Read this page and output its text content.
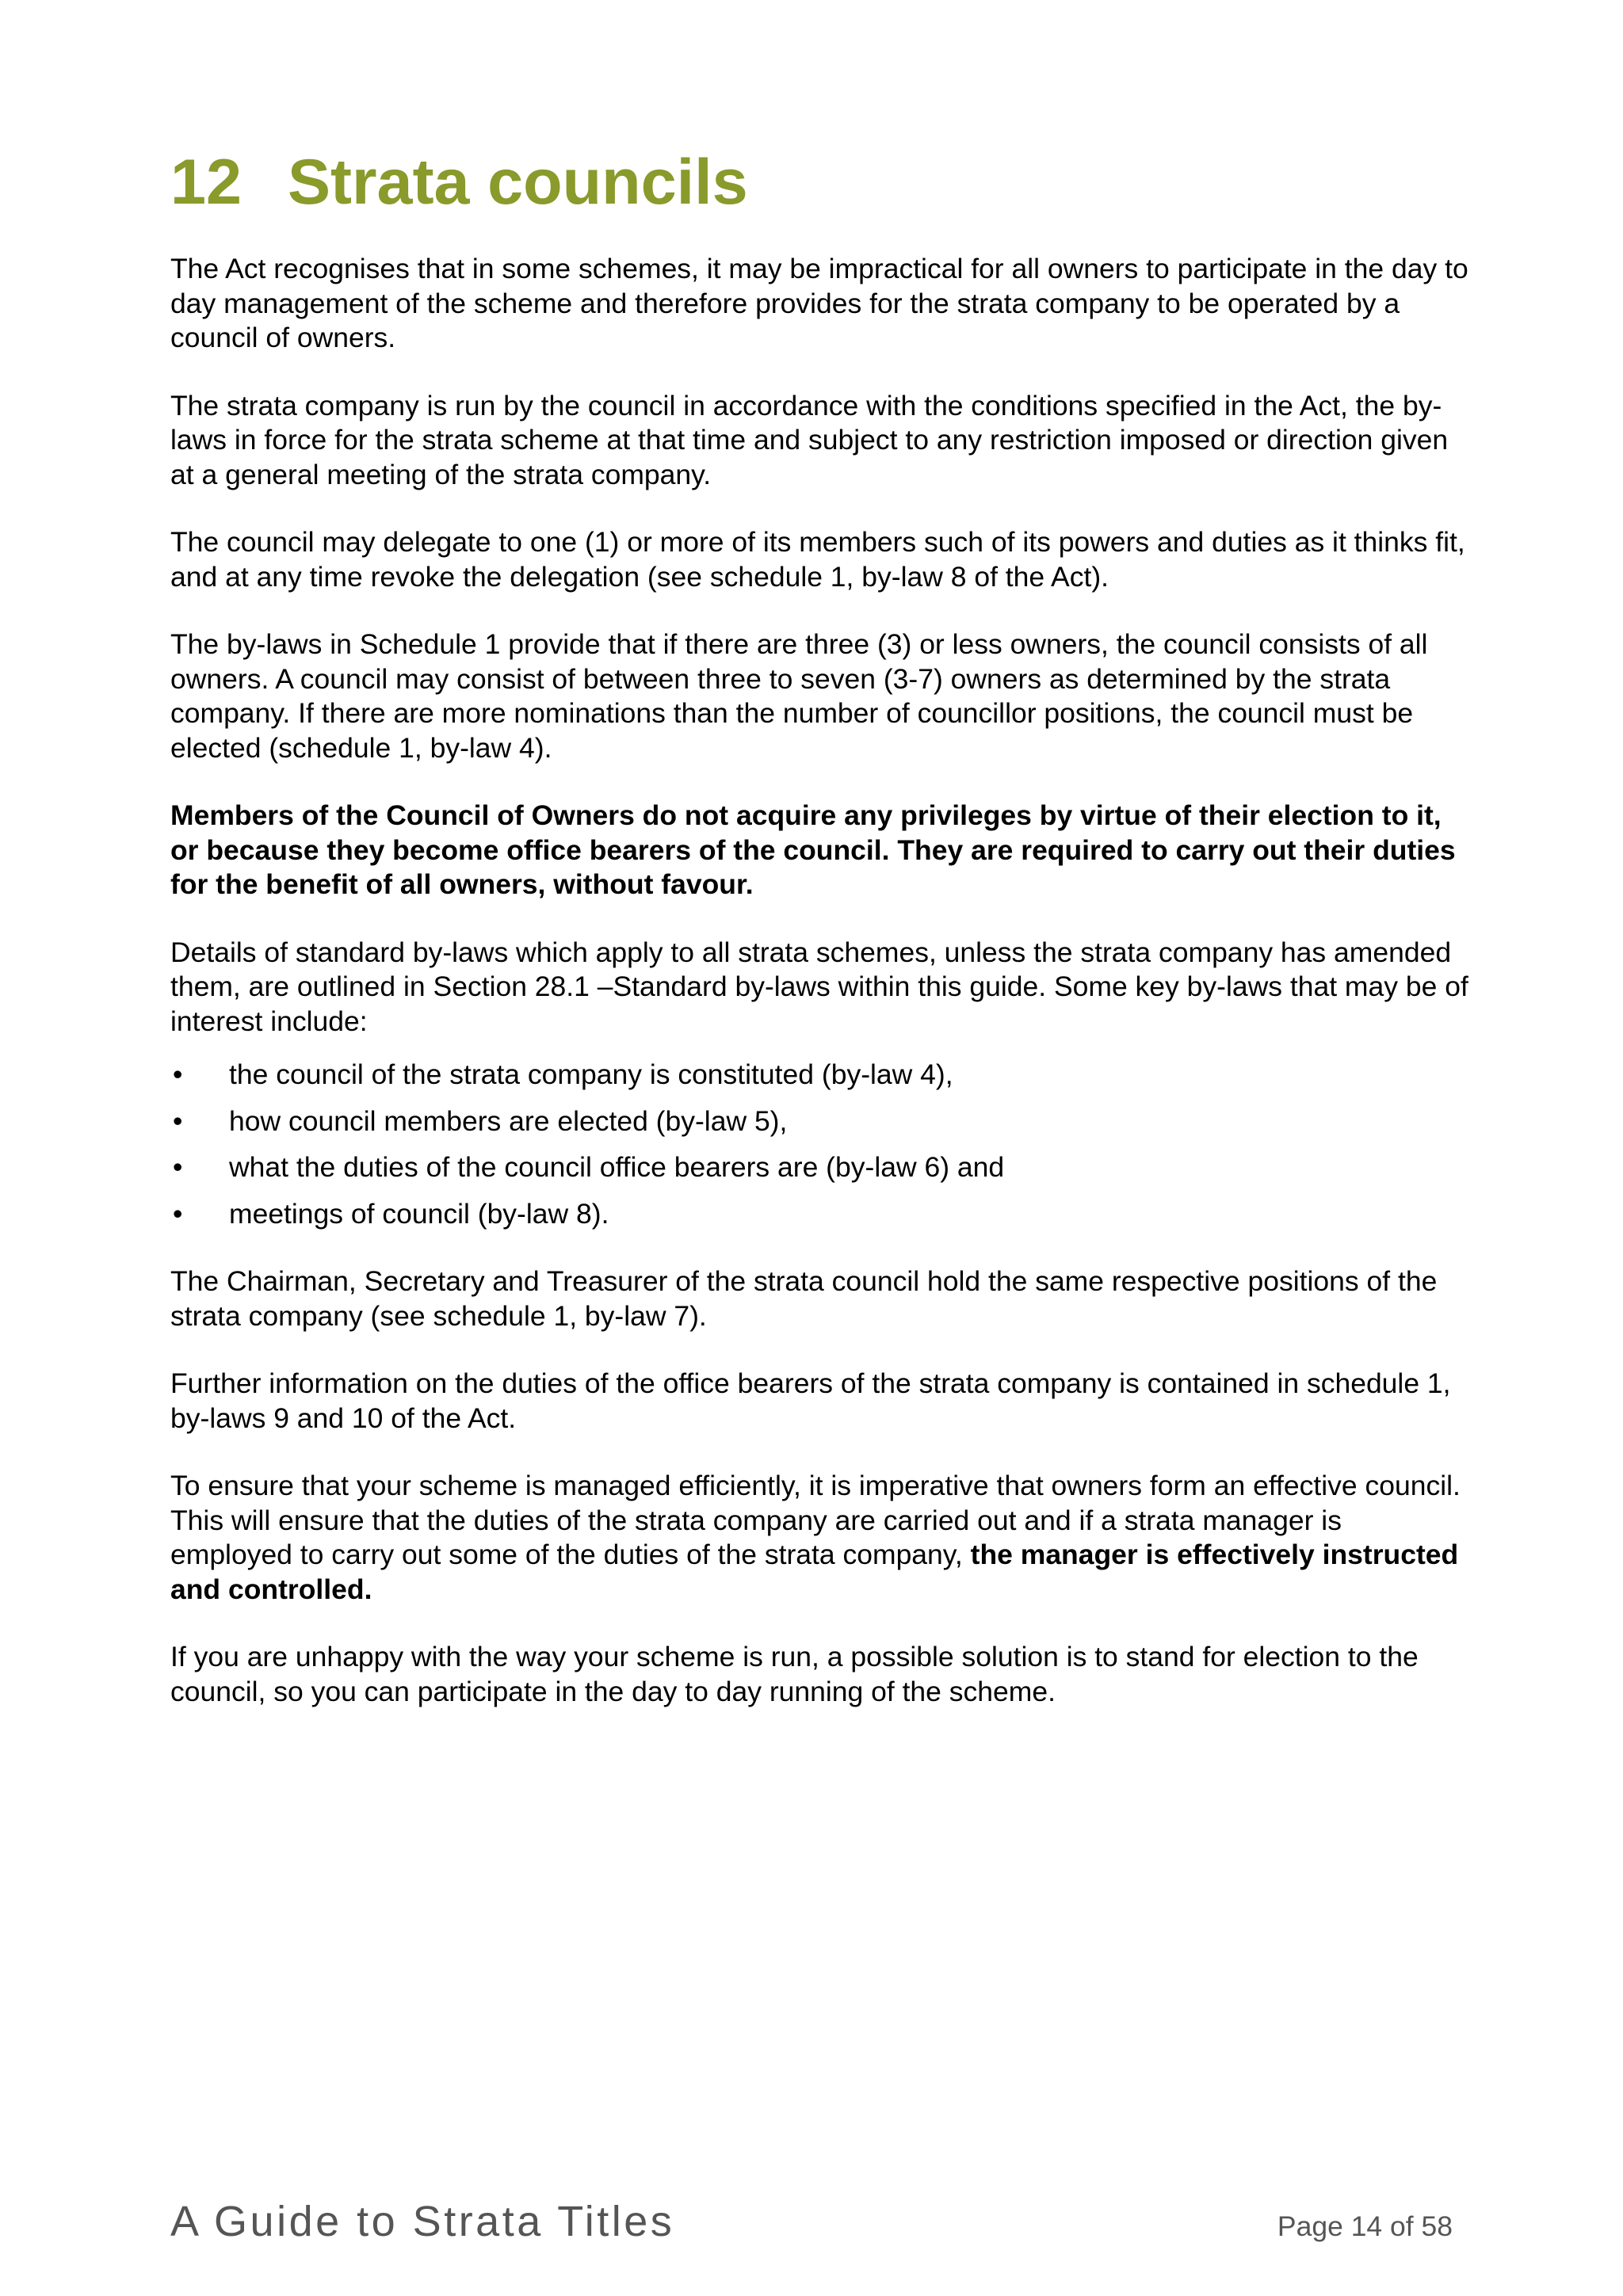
12 Strata councils

The Act recognises that in some schemes, it may be impractical for all owners to participate in the day to day management of the scheme and therefore provides for the strata company to be operated by a council of owners.

The strata company is run by the council in accordance with the conditions specified in the Act, the by-laws in force for the strata scheme at that time and subject to any restriction imposed or direction given at a general meeting of the strata company.

The council may delegate to one (1) or more of its members such of its powers and duties as it thinks fit, and at any time revoke the delegation (see schedule 1, by-law 8 of the Act).

The by-laws in Schedule 1 provide that if there are three (3) or less owners, the council consists of all owners. A council may consist of between three to seven (3-7) owners as determined by the strata company. If there are more nominations than the number of councillor positions, the council must be elected (schedule 1, by-law 4).

Members of the Council of Owners do not acquire any privileges by virtue of their election to it, or because they become office bearers of the council. They are required to carry out their duties for the benefit of all owners, without favour.

Details of standard by-laws which apply to all strata schemes, unless the strata company has amended them, are outlined in Section 28.1 –Standard by-laws within this guide. Some key by-laws that may be of interest include:

• the council of the strata company is constituted (by-law 4),
• how council members are elected (by-law 5),
• what the duties of the council office bearers are (by-law 6) and
• meetings of council (by-law 8).

The Chairman, Secretary and Treasurer of the strata council hold the same respective positions of the strata company (see schedule 1, by-law 7).

Further information on the duties of the office bearers of the strata company is contained in schedule 1, by-laws 9 and 10 of the Act.

To ensure that your scheme is managed efficiently, it is imperative that owners form an effective council. This will ensure that the duties of the strata company are carried out and if a strata manager is employed to carry out some of the duties of the strata company, the manager is effectively instructed and controlled.

If you are unhappy with the way your scheme is run, a possible solution is to stand for election to the council, so you can participate in the day to day running of the scheme.

A Guide to Strata Titles	Page 14 of 58
